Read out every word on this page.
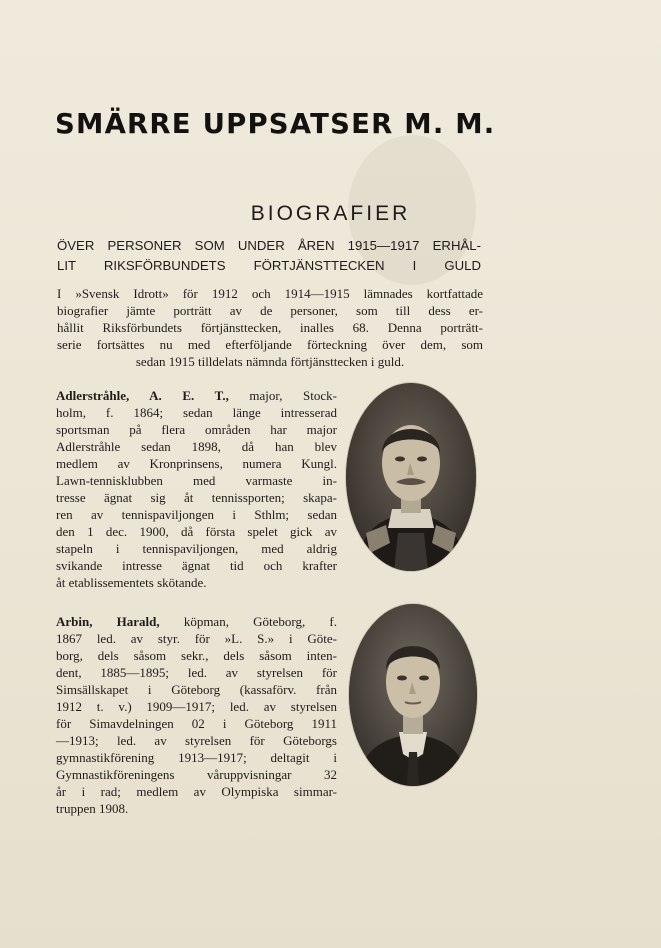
SMÄRRE UPPSATSER M. M.
BIOGRAFIER
ÖVER PERSONER SOM UNDER ÅREN 1915—1917 ERHÅL-
LIT RIKSFÖRBUNDETS FÖRTJÄNSTTECKEN I GULD
I »Svensk Idrott» för 1912 och 1914—1915 lämnades kortfattade
biografier jämte porträtt av de personer, som till dess er-
hållit Riksförbundets förtjänsttecken, inalles 68. Denna porträtt-
serie fortsättes nu med efterföljande förteckning över dem, som
sedan 1915 tilldelats nämnda förtjänsttecken i guld.
Adlerstråhle, A. E. T., major, Stock-
holm, f. 1864; sedan länge intresserad
sportsman på flera områden har major
Adlerstråhle sedan 1898, då han blev
medlem av Kronprinsens, numera Kungl.
Lawn-tennisklubben med varmaste in-
tresse ägnat sig åt tennissporten; skapa-
ren av tennispaviljongen i Sthlm; sedan
den 1 dec. 1900, då första spelet gick av
stapeln i tennispaviljongen, med aldrig
svikande intresse ägnat tid och krafter
åt etablissementets skötande.
Arbin, Harald, köpman, Göteborg, f.
1867 led. av styr. för »L. S.» i Göte-
borg, dels såsom sekr., dels såsom inten-
dent, 1885—1895; led. av styrelsen för
Simsällskapet i Göteborg (kassaförv. från
1912 t. v.) 1909—1917; led. av styrelsen
för Simavdelningen 02 i Göteborg 1911
—1913; led. av styrelsen för Göteborgs
gymnastikförening 1913—1917; deltagit i
Gymnastikföreningens våruppvisningar 32
år i rad; medlem av Olympiska simmar-
truppen 1908.
